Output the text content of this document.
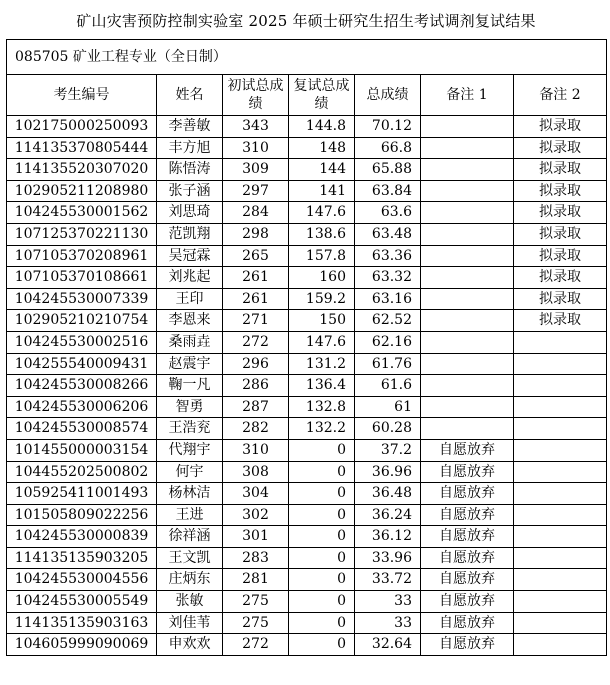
矿山灾害预防控制实验室 2025 年硕士研究生招生考试调剂复试结果
085705 矿业工程专业（全日制）						
考生编号	姓名	初试总成绩	复试总成绩	总成绩	备注 1	备注 2
102175000250093	李善敏	343	144.8	70.12		拟录取
114135370805444	丰方旭	310	148	66.8		拟录取
114135520307020	陈悟涛	309	144	65.88		拟录取
102905211208980	张子涵	297	141	63.84		拟录取
104245530001562	刘思琦	284	147.6	63.6		拟录取
107125370221130	范凯翔	298	138.6	63.48		拟录取
107105370208961	吴冠霖	265	157.8	63.36		拟录取
107105370108661	刘兆起	261	160	63.32		拟录取
104245530007339	王印	261	159.2	63.16		拟录取
102905210210754	李恩来	271	150	62.52		拟录取
104245530002516	桑雨垚	272	147.6	62.16		
104255540009431	赵震宇	296	131.2	61.76		
104245530008266	鞠一凡	286	136.4	61.6		
104245530006206	智勇	287	132.8	61		
104245530008574	王浩兖	282	132.2	60.28		
101455000003154	代翔宇	310	0	37.2	自愿放弃	
104455202500802	何宇	308	0	36.96	自愿放弃	
105925411001493	杨林洁	304	0	36.48	自愿放弃	
101505809022256	王进	302	0	36.24	自愿放弃	
104245530000839	徐祥涵	301	0	36.12	自愿放弃	
114135135903205	王文凯	283	0	33.96	自愿放弃	
104245530004556	庄炳东	281	0	33.72	自愿放弃	
104245530005549	张敏	275	0	33	自愿放弃	
114135135903163	刘佳苇	275	0	33	自愿放弃	
104605999090069	申欢欢	272	0	32.64	自愿放弃	
